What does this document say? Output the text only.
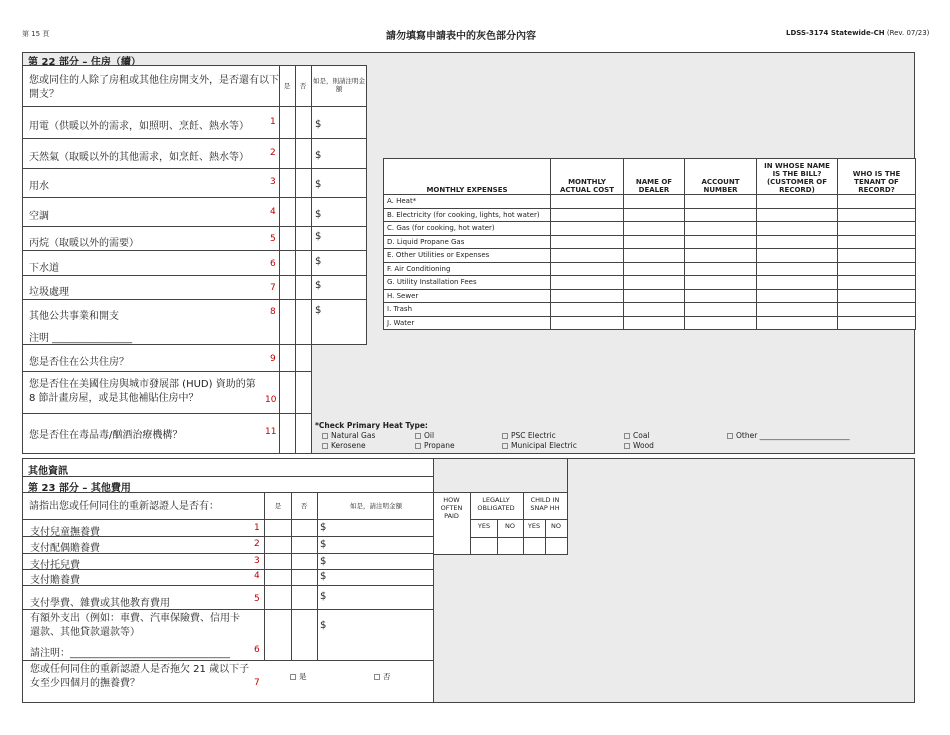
第 15 頁	請勿填寫申請表中的灰色部分內容	LDSS-3174 Statewide-CH (Rev. 07/23)
第 22 部分 – 住房（續）
您或同住的人除了房租或其他住房開支外，是否還有以下開支？
是	否
如是，則請注明金額
用電（供暖以外的需求，如照明、烹飪、熱水等） 1	$
天然氣（取暖以外的其他需求，如烹飪、熱水等） 2	$
用水	3	$
空調	4	$
丙烷（取暖以外的需要）	5	$
下水道	6	$
垃圾處理	7	$
其他公共事業和開支	8	$
注明 ________________
您是否住在公共住房？	9
您是否住在美國住房與城市發展部 (HUD) 資助的第 8 節計畫房屋，或是其他補貼住房中？	10
您是否住在毒品毒/酗酒治療機構？	11
MONTHLY EXPENSES	MONTHLY ACTUAL COST	NAME OF DEALER	ACCOUNT NUMBER	IN WHOSE NAME IS THE BILL? (CUSTOMER OF RECORD)	WHO IS THE TENANT OF RECORD?
A. Heat*					
B. Electricity (for cooking, lights, hot water)					
C. Gas (for cooking, hot water)					
D. Liquid Propane Gas					
E. Other Utilities or Expenses					
F. Air Conditioning					
G. Utility Installation Fees					
H. Sewer					
I. Trash					
J. Water					
*Check Primary Heat Type:
Natural Gas	Oil	PSC Electric	Coal	Other ________________________
Kerosene	Propane	Municipal Electric	Wood
其他資訊
第 23 部分 – 其他費用
請指出您或任何同住的重新認證人是否有：	是	否	如是，請注明金額
HOW OFTEN PAID
LEGALLY OBLIGATED
CHILD IN SNAP HH
YES	NO	YES	NO
支付兒童撫養費	1	$
支付配偶贍養費	2	$
支付托兒費	3	$
支付贍養費	4	$
支付學費、雜費或其他教育費用	5	$
有額外支出（例如：車費、汽車保險費、信用卡還款、其他貸款還款等）
請注明：________________________________	6
$
您或任何同住的重新認證人是否拖欠 21 歲以下子女至少四個月的撫養費？	7
是	否
